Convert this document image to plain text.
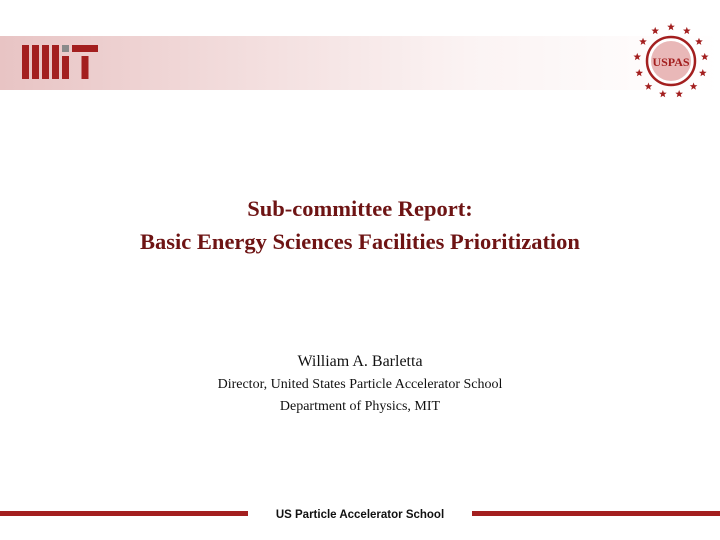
USPAS
Sub-committee Report:
Basic Energy Sciences Facilities Prioritization
William A. Barletta
Director, United States Particle Accelerator School
Department of Physics, MIT
US Particle Accelerator School
